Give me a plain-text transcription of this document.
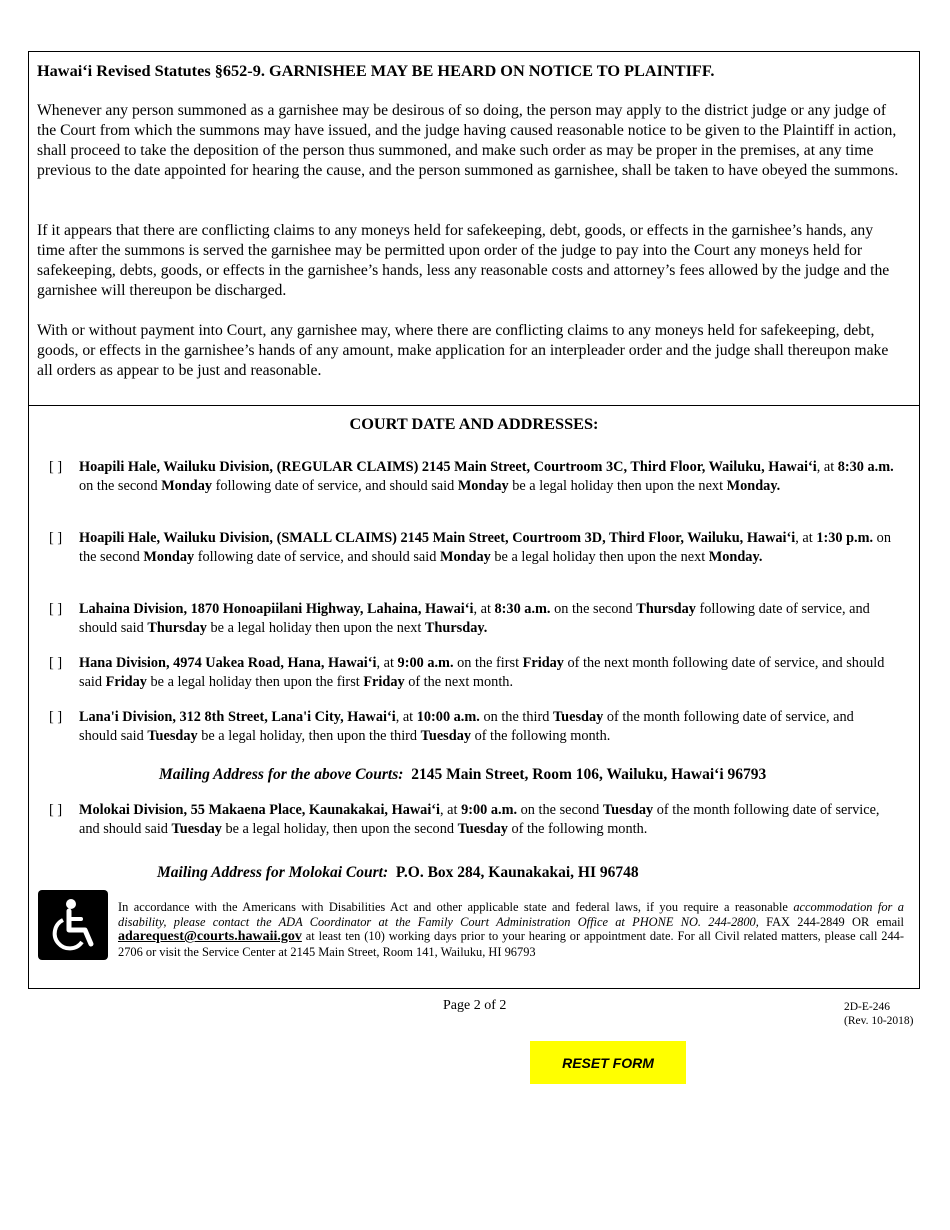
Hawai‘i Revised Statutes §652-9. GARNISHEE MAY BE HEARD ON NOTICE TO PLAINTIFF.

Whenever any person summoned as a garnishee may be desirous of so doing, the person may apply to the district judge or any judge of the Court from which the summons may have issued, and the judge having caused reasonable notice to be given to the Plaintiff in action, shall proceed to take the deposition of the person thus summoned, and make such order as may be proper in the premises, at any time previous to the date appointed for hearing the cause, and the person summoned as garnishee, shall be taken to have obeyed the summons.

If it appears that there are conflicting claims to any moneys held for safekeeping, debt, goods, or effects in the garnishee’s hands, any time after the summons is served the garnishee may be permitted upon order of the judge to pay into the Court any moneys held for safekeeping, debts, goods, or effects in the garnishee’s hands, less any reasonable costs and attorney’s fees allowed by the judge and the garnishee will thereupon be discharged.

With or without payment into Court, any garnishee may, where there are conflicting claims to any moneys held for safekeeping, debt, goods, or effects in the garnishee’s hands of any amount, make application for an interpleader order and the judge shall thereupon make all orders as appear to be just and reasonable.

COURT DATE AND ADDRESSES:
[ ]	Hoapili Hale, Wailuku Division, (REGULAR CLAIMS) 2145 Main Street, Courtroom 3C, Third Floor, Wailuku, Hawai‘i, at 8:30 a.m. on the second Monday following date of service, and should said Monday be a legal holiday then upon the next Monday.
[ ]	Hoapili Hale, Wailuku Division, (SMALL CLAIMS) 2145 Main Street, Courtroom 3D, Third Floor, Wailuku, Hawai‘i, at 1:30 p.m. on the second Monday following date of service, and should said Monday be a legal holiday then upon the next Monday.
[ ]	Lahaina Division, 1870 Honoapiilani Highway, Lahaina, Hawai‘i, at 8:30 a.m. on the second Thursday following date of service, and should said Thursday be a legal holiday then upon the next Thursday.
[ ]	Hana Division, 4974 Uakea Road, Hana, Hawai‘i, at 9:00 a.m. on the first Friday of the next month following date of service, and should said Friday be a legal holiday then upon the first Friday of the next month.
[ ]	Lana'i Division, 312 8th Street, Lana'i City, Hawai‘i, at 10:00 a.m. on the third Tuesday of the month following date of service, and should said Tuesday be a legal holiday, then upon the third Tuesday of the following month.
Mailing Address for the above Courts: 2145 Main Street, Room 106, Wailuku, Hawai‘i 96793
[ ]	Molokai Division, 55 Makaena Place, Kaunakakai, Hawai‘i, at 9:00 a.m. on the second Tuesday of the month following date of service, and should said Tuesday be a legal holiday, then upon the second Tuesday of the following month.
Mailing Address for Molokai Court: P.O. Box 284, Kaunakakai, HI 96748
In accordance with the Americans with Disabilities Act and other applicable state and federal laws, if you require a reasonable accommodation for a disability, please contact the ADA Coordinator at the Family Court Administration Office at PHONE NO. 244-2800, FAX 244-2849 OR email adarequest@courts.hawaii.gov at least ten (10) working days prior to your hearing or appointment date. For all Civil related matters, please call 244-2706 or visit the Service Center at 2145 Main Street, Room 141, Wailuku, HI 96793
Page 2 of 2	2D-E-246
(Rev. 10-2018)
RESET FORM
